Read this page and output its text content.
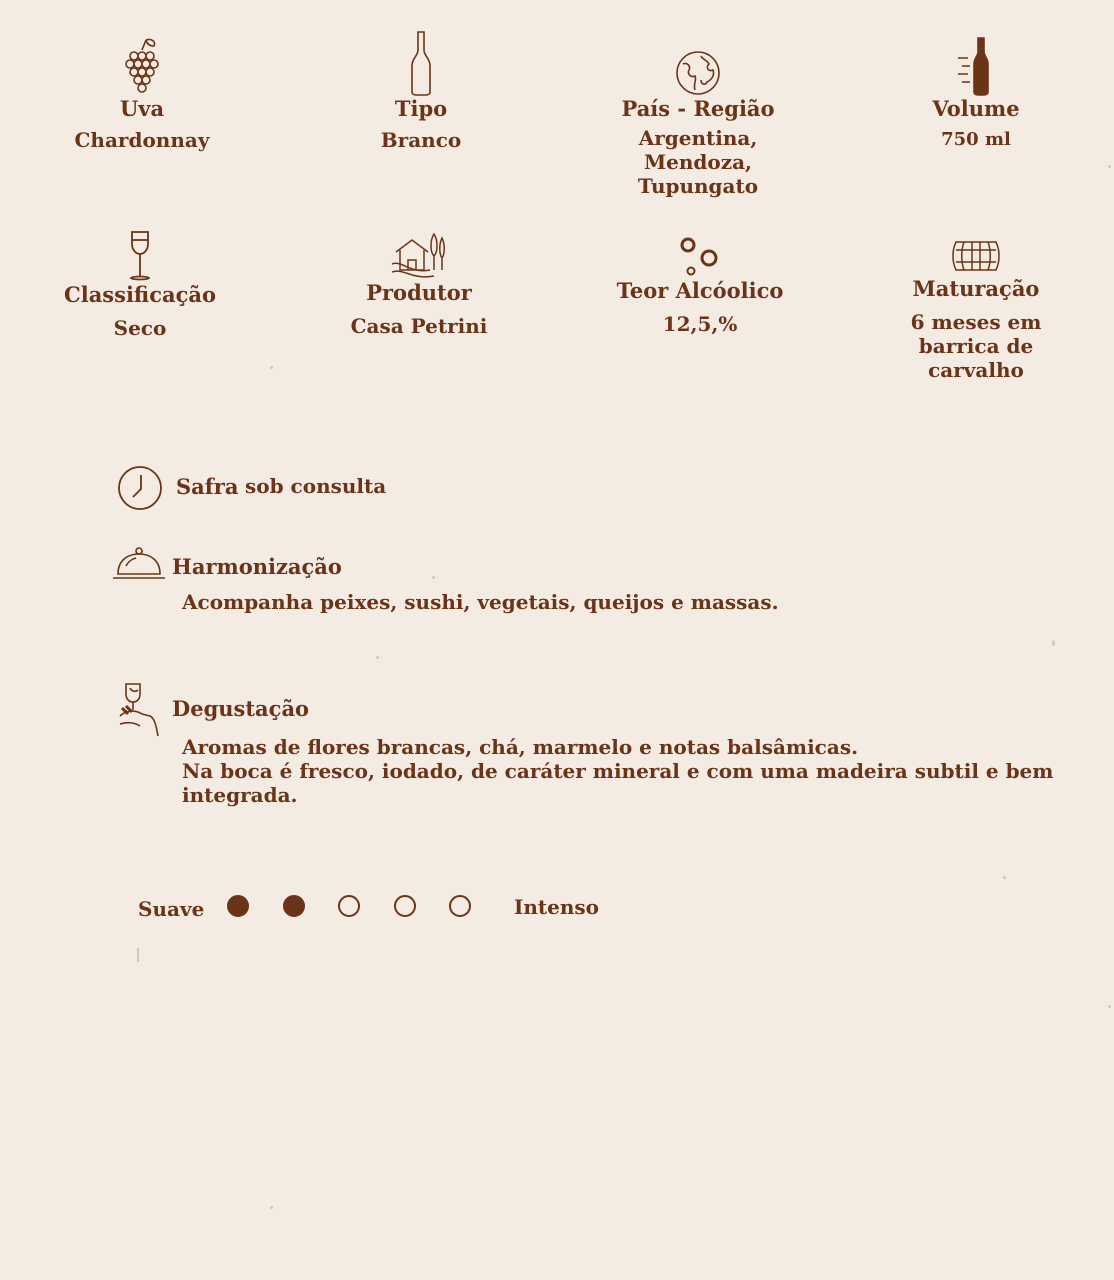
Uva
Chardonnay
Tipo
Branco
País - Região
Argentina, Mendoza, Tupungato
Volume
750 ml
Classificação
Seco
Produtor
Casa Petrini
Teor Alcóolico
12,5,%
Maturação
6 meses em barrica de carvalho
Safra sob consulta
Harmonização
Acompanha peixes, sushi, vegetais, queijos e massas.
Degustação
Aromas de flores brancas, chá, marmelo e notas balsâmicas.
Na boca é fresco, iodado, de caráter mineral e com uma madeira subtil e bem integrada.
Suave	Intenso
